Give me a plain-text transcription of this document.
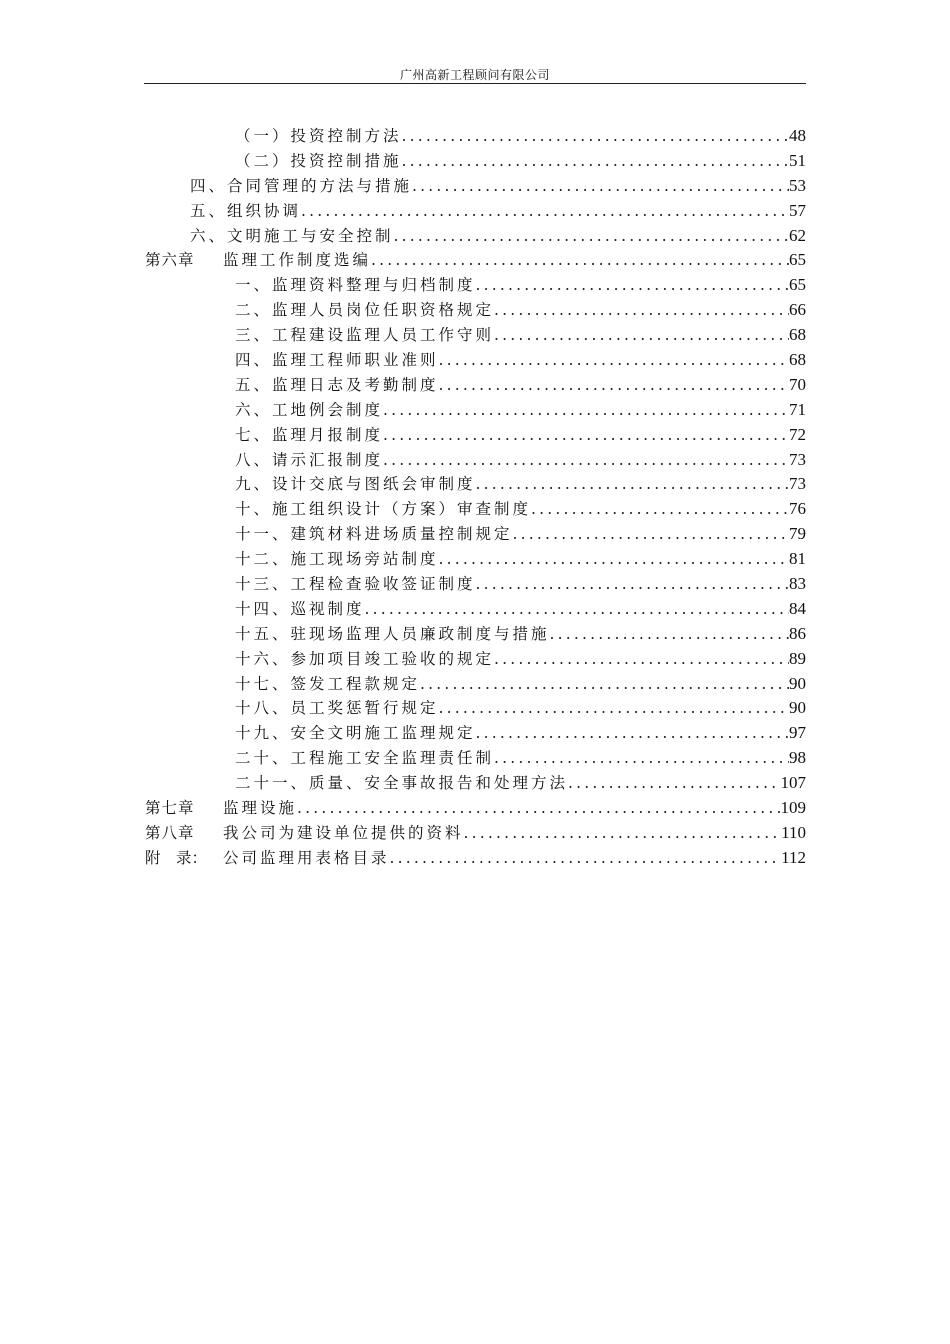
广州高新工程顾问有限公司
（一）投资控制方法 .....	48
（二）投资控制措施 .....	51
四、合同管理的方法与措施 .....	53
五、组织协调 .....	57
六、文明施工与安全控制 .....	62
第六章 监理工作制度选编 .....	65
一、监理资料整理与归档制度 .....	65
二、监理人员岗位任职资格规定 .....	66
三、工程建设监理人员工作守则 .....	68
四、监理工程师职业准则 .....	68
五、监理日志及考勤制度 .....	70
六、工地例会制度 .....	71
七、监理月报制度 .....	72
八、请示汇报制度 .....	73
九、设计交底与图纸会审制度 .....	73
十、施工组织设计（方案）审查制度 .....	76
十一、建筑材料进场质量控制规定 .....	79
十二、施工现场旁站制度 .....	81
十三、工程检查验收签证制度 .....	83
十四、巡视制度 .....	84
十五、驻现场监理人员廉政制度与措施 .....	86
十六、参加项目竣工验收的规定 .....	89
十七、签发工程款规定 .....	90
十八、员工奖惩暂行规定 .....	90
十九、安全文明施工监理规定 .....	97
二十、工程施工安全监理责任制 .....	98
二十一、质量、安全事故报告和处理方法 .....	107
第七章 监理设施 .....	109
第八章 我公司为建设单位提供的资料 .....	110
附　录： 公司监理用表格目录 .....	112
